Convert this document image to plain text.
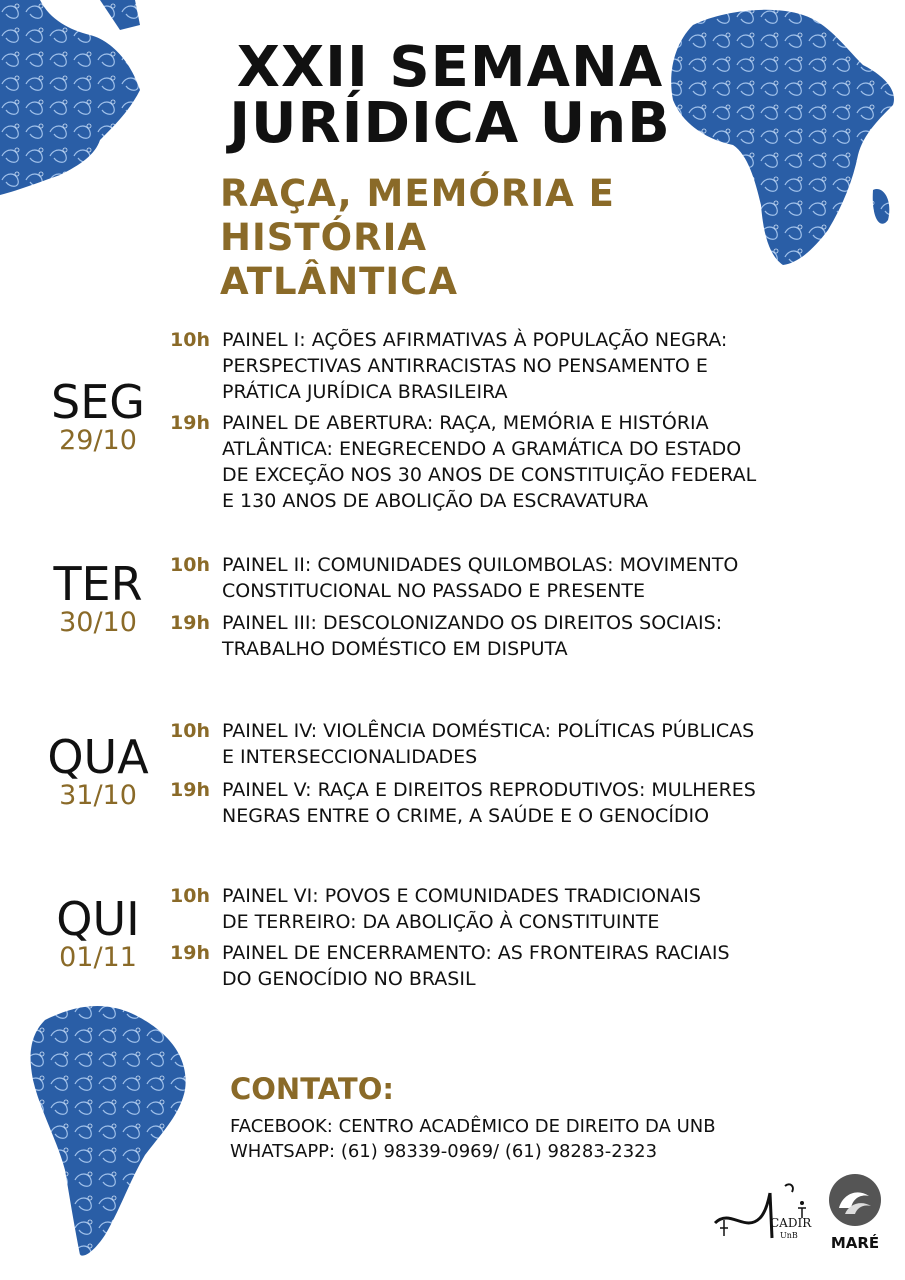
XXII SEMANA
JURÍDICA UnB
RAÇA, MEMÓRIA E
HISTÓRIA ATLÂNTICA
SEG
29/10
10h PAINEL I: AÇÕES AFIRMATIVAS À POPULAÇÃO NEGRA:
PERSPECTIVAS ANTIRRACISTAS NO PENSAMENTO E
PRÁTICA JURÍDICA BRASILEIRA
19h PAINEL DE ABERTURA: RAÇA, MEMÓRIA E HISTÓRIA
ATLÂNTICA: ENEGRECENDO A GRAMÁTICA DO ESTADO
DE EXCEÇÃO NOS 30 ANOS DE CONSTITUIÇÃO FEDERAL
E 130 ANOS DE ABOLIÇÃO DA ESCRAVATURA
TER
30/10
10h PAINEL II: COMUNIDADES QUILOMBOLAS: MOVIMENTO
CONSTITUCIONAL NO PASSADO E PRESENTE
19h PAINEL III: DESCOLONIZANDO OS DIREITOS SOCIAIS:
TRABALHO DOMÉSTICO EM DISPUTA
QUA
31/10
10h PAINEL IV: VIOLÊNCIA DOMÉSTICA: POLÍTICAS PÚBLICAS
E INTERSECCIONALIDADES
19h PAINEL V: RAÇA E DIREITOS REPRODUTIVOS: MULHERES
NEGRAS ENTRE O CRIME, A SAÚDE E O GENOCÍDIO
QUI
01/11
10h PAINEL VI: POVOS E COMUNIDADES TRADICIONAIS
DE TERREIRO: DA ABOLIÇÃO À CONSTITUINTE
19h PAINEL DE ENCERRAMENTO: AS FRONTEIRAS RACIAIS
DO GENOCÍDIO NO BRASIL
CONTATO:
FACEBOOK: CENTRO ACADÊMICO DE DIREITO DA UNB
WHATSAPP: (61) 98339-0969/ (61) 98283-2323
CADIR
UnB	MARÉ
